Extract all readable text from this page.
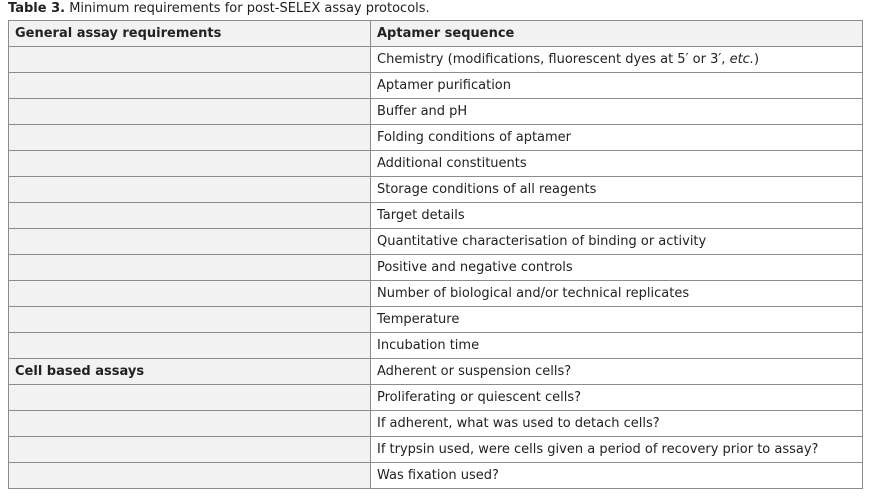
Table 3. Minimum requirements for post-SELEX assay protocols.
General assay requirements	Aptamer sequence
	Chemistry (modifications, fluorescent dyes at 5′ or 3′, etc.)
	Aptamer purification
	Buffer and pH
	Folding conditions of aptamer
	Additional constituents
	Storage conditions of all reagents
	Target details
	Quantitative characterisation of binding or activity
	Positive and negative controls
	Number of biological and/or technical replicates
	Temperature
	Incubation time
Cell based assays	Adherent or suspension cells?
	Proliferating or quiescent cells?
	If adherent, what was used to detach cells?
	If trypsin used, were cells given a period of recovery prior to assay?
	Was fixation used?
